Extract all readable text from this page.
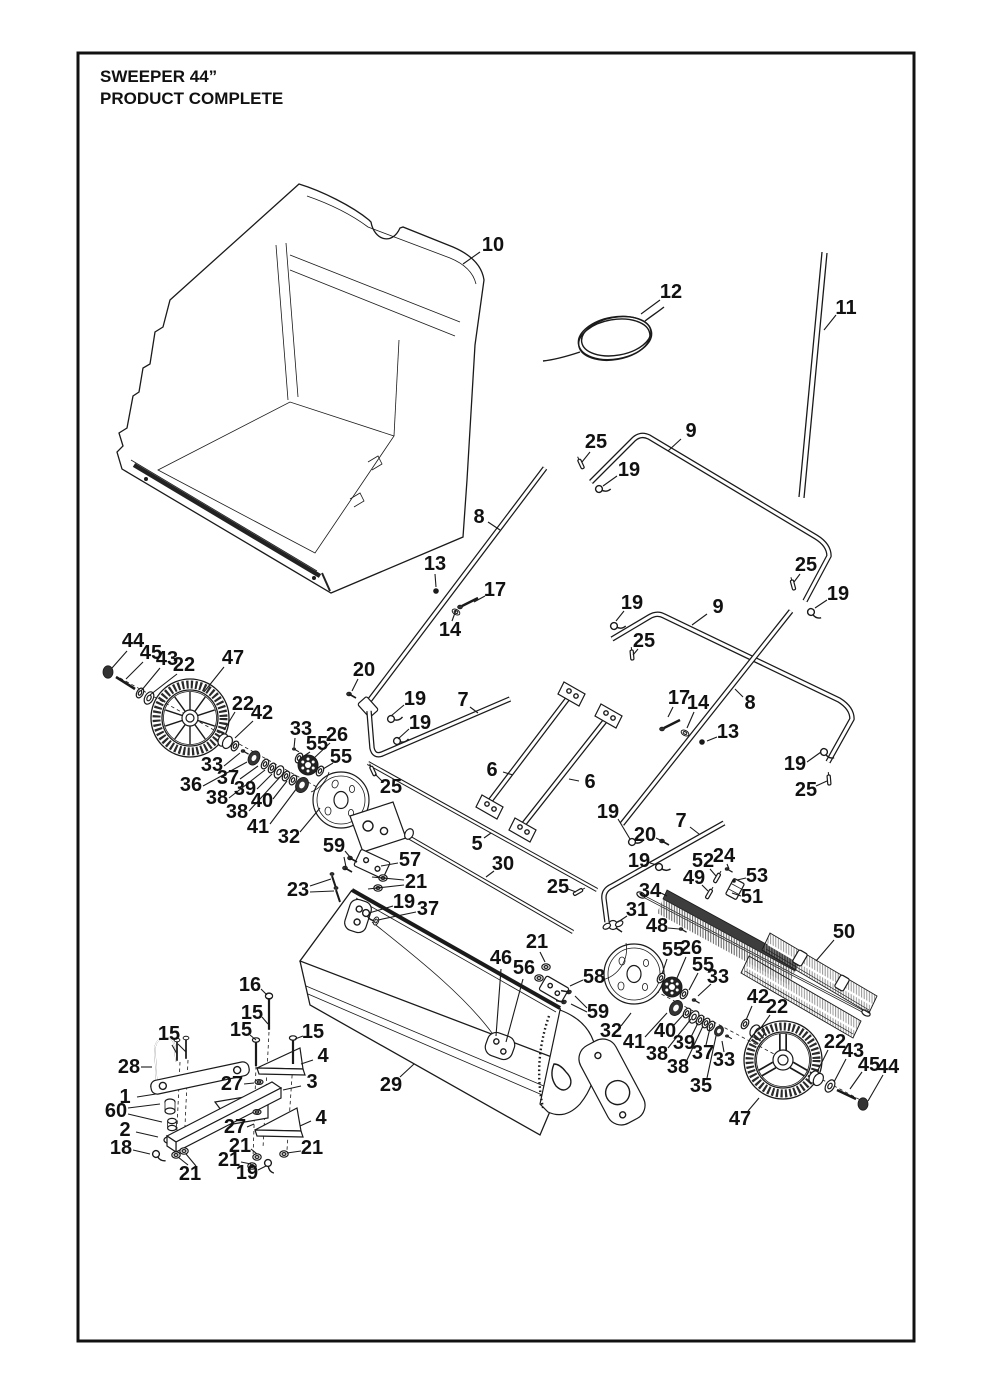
SWEEPER 44”
PRODUCT COMPLETE
10
12
11
25
19
9
8
13
17
14
25
19
9
19
25
44
45
43
22 47
20
17
14 8
22
42
19 7
19	13
33 26
55
55
33	6
6
19
36 37
38 39
38 40	25
41 32
25
5
59
57	30
7
19
20
21
23	25
19
34
52
24
49 53
51
19 37	31
48	50
21
46 56
55
26
55
33
58
59
32
16
15
15
15	15	40
41
38 39
28	4	38
37
42
22
33
35
22
43
45
44
1
27	3
60
2
29
18
27	4	47
21
21
21
21 19
